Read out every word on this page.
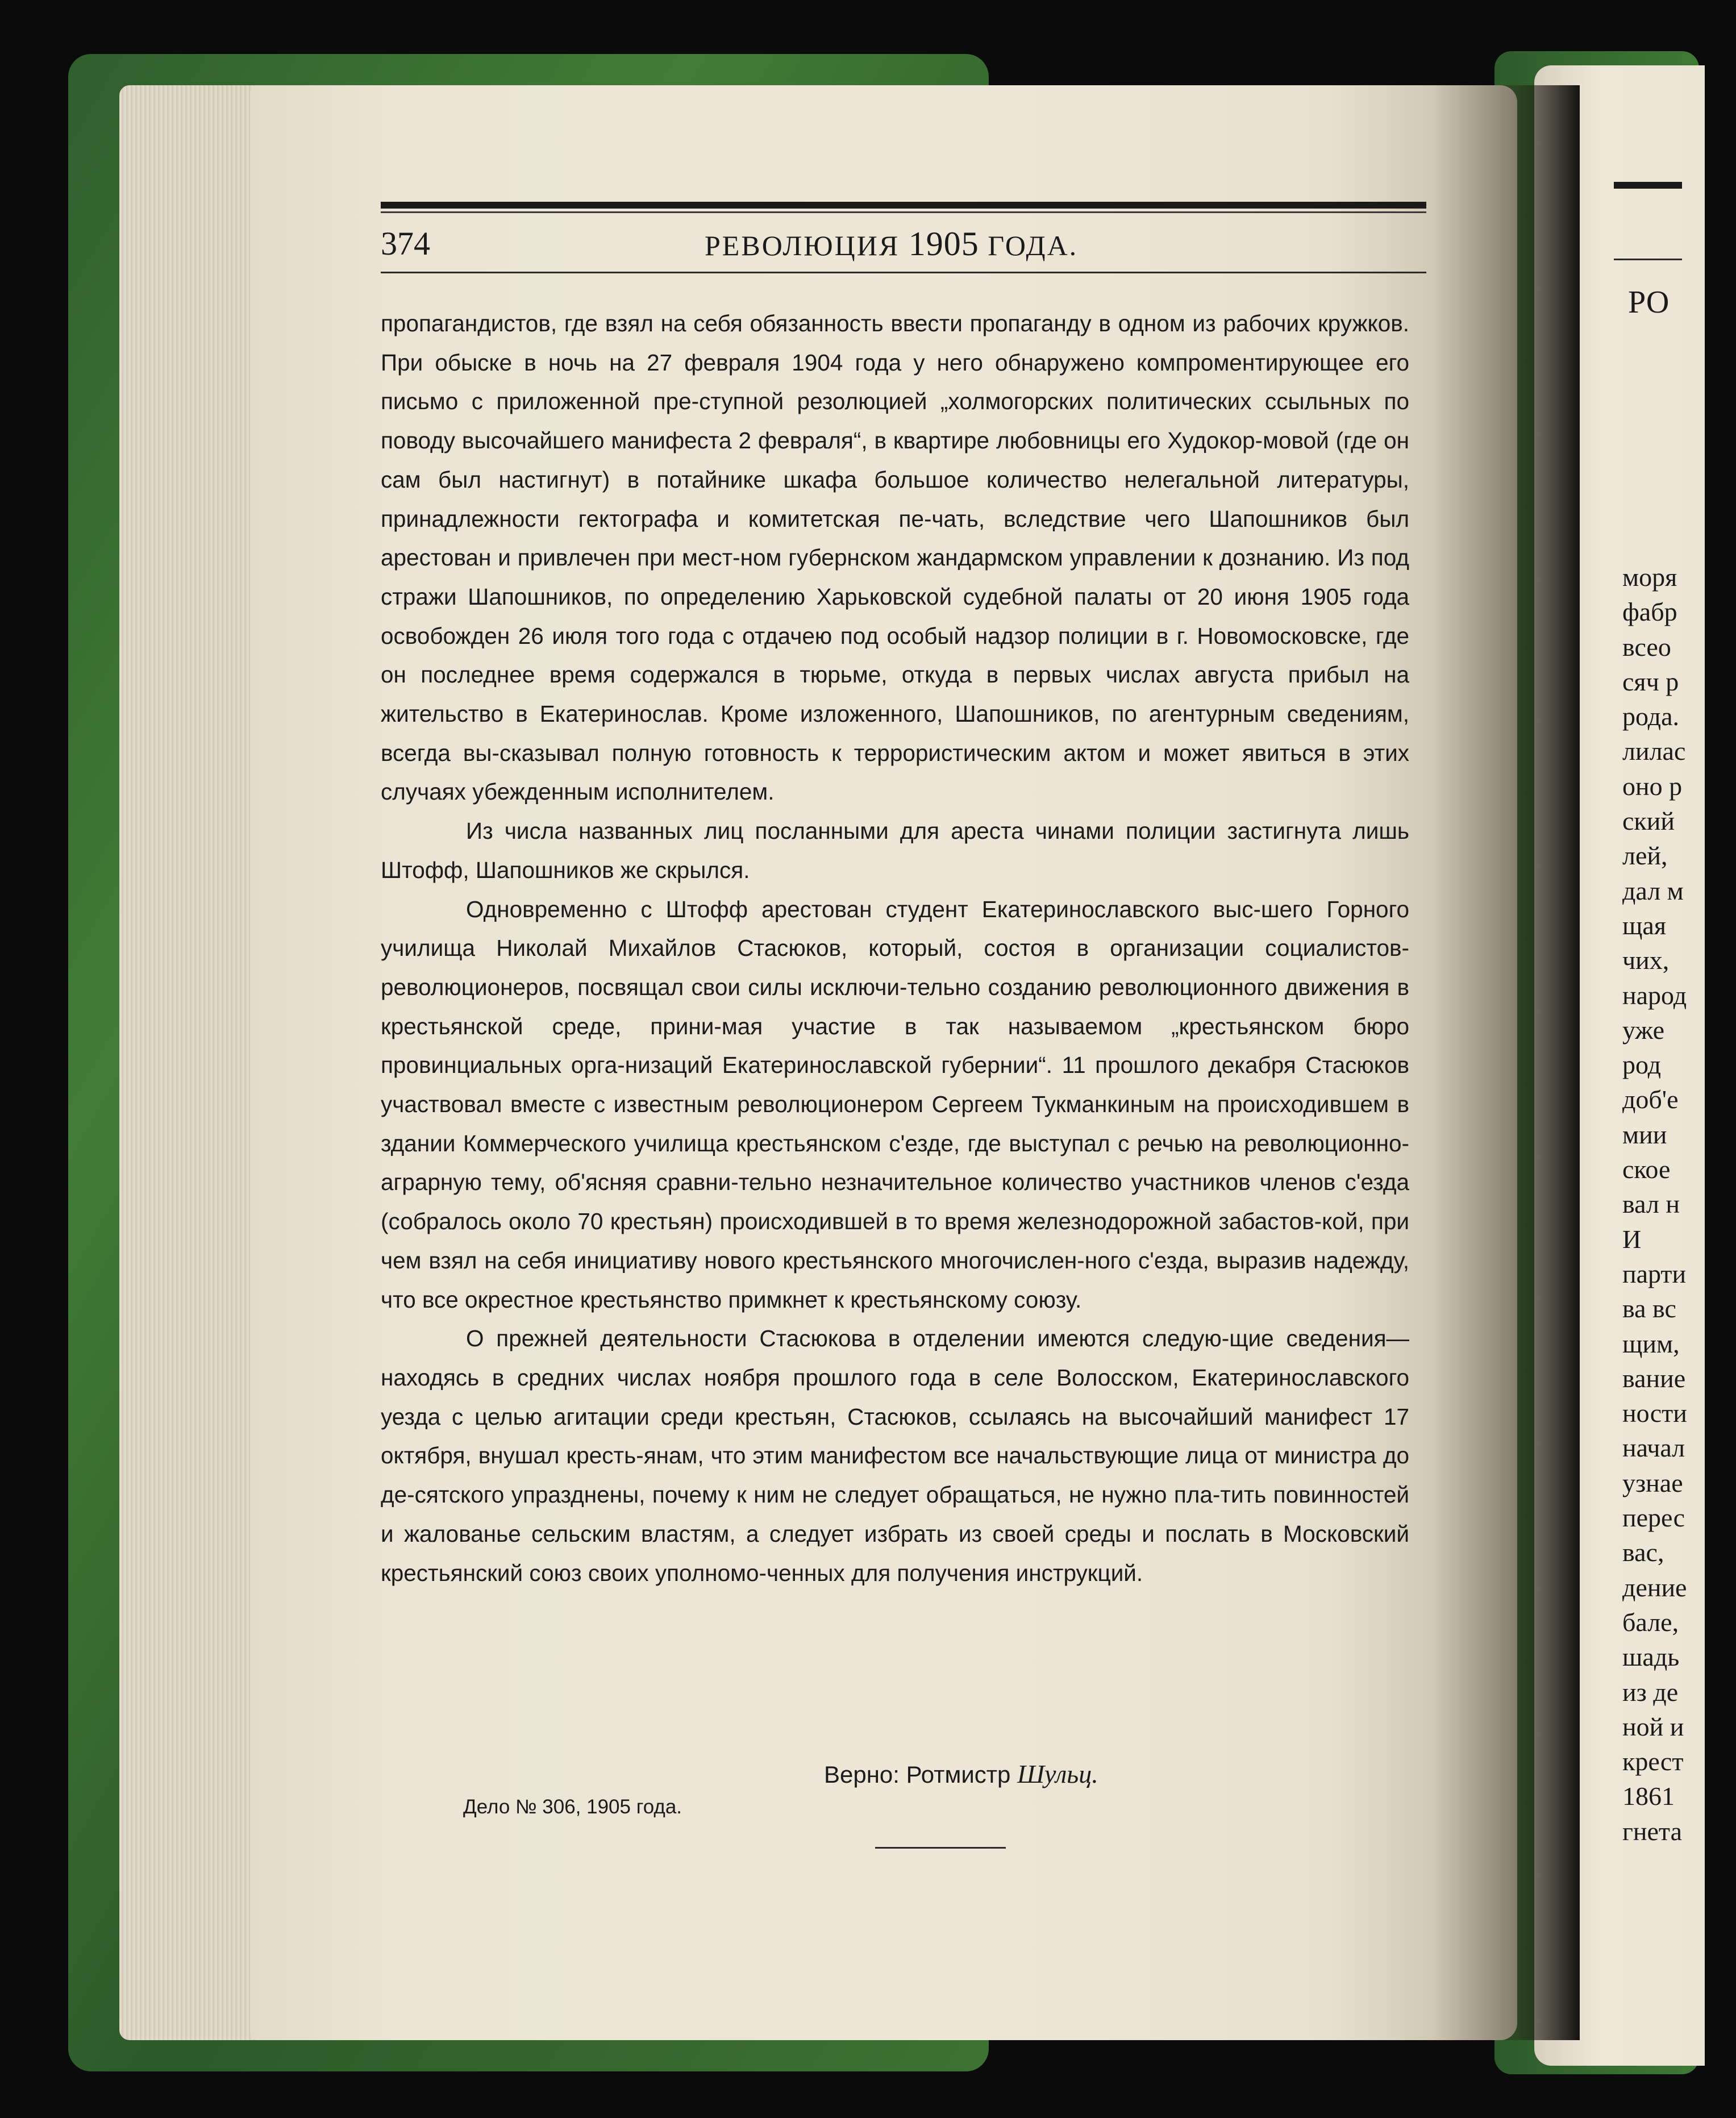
374	РЕВОЛЮЦИЯ 1905 ГОДА.

пропагандистов, где взял на себя обязанность ввести пропаганду в одном из рабочих кружков. При обыске в ночь на 27 февраля 1904 года у него обнаружено компроментирующее его письмо с приложенной пре-ступной резолюцией „холмогорских политических ссыльных по поводу высочайшего манифеста 2 февраля“, в квартире любовницы его Худокор-мовой (где он сам был настигнут) в потайнике шкафа большое количество нелегальной литературы, принадлежности гектографа и комитетская пе-чать, вследствие чего Шапошников был арестован и привлечен при мест-ном губернском жандармском управлении к дознанию. Из под стражи Шапошников, по определению Харьковской судебной палаты от 20 июня 1905 года освобожден 26 июля того года с отдачею под особый надзор полиции в г. Новомосковске, где он последнее время содержался в тюрьме, откуда в первых числах августа прибыл на жительство в Екатеринослав. Кроме изложенного, Шапошников, по агентурным сведениям, всегда вы-сказывал полную готовность к террористическим актом и может явиться в этих случаях убежденным исполнителем.

Из числа названных лиц посланными для ареста чинами полиции застигнута лишь Штофф, Шапошников же скрылся.

Одновременно с Штофф арестован студент Екатеринославского выс-шего Горного училища Николай Михайлов Стасюков, который, состоя в организации социалистов-революционеров, посвящал свои силы исключи-тельно созданию революционного движения в крестьянской среде, прини-мая участие в так называемом „крестьянском бюро провинциальных орга-низаций Екатеринославской губернии“. 11 прошлого декабря Стасюков участвовал вместе с известным революционером Сергеем Тукманкиным на происходившем в здании Коммерческого училища крестьянском с'езде, где выступал с речью на революционно-аграрную тему, об'ясняя сравни-тельно незначительное количество участников членов с'езда (собралось около 70 крестьян) происходившей в то время железнодорожной забастов-кой, при чем взял на себя инициативу нового крестьянского многочислен-ного с'езда, выразив надежду, что все окрестное крестьянство примкнет к крестьянскому союзу.

О прежней деятельности Стасюкова в отделении имеются следую-щие сведения—находясь в средних числах ноября прошлого года в селе Волосском, Екатеринославского уезда с целью агитации среди крестьян, Стасюков, ссылаясь на высочайший манифест 17 октября, внушал кресть-янам, что этим манифестом все начальствующие лица от министра до де-сятского упразднены, почему к ним не следует обращаться, не нужно пла-тить повинностей и жалованье сельским властям, а следует избрать из своей среды и послать в Московский крестьянский союз своих уполномо-ченных для получения инструкций.

Верно: Ротмистр Шульц.
Дело № 306, 1905 года.
РО
моря
фабр
всео
сяч р
рода.
лилас
оно р
ский
лей,
дал м
щая
чих,
народ
уже
род
доб'е
мии
ское
вал н
И
парти
ва вс
щим,
вание
ности
начал
узнае
перес
вас,
дение
бале,
шадь
из де
ной и
крест
1861
гнета
